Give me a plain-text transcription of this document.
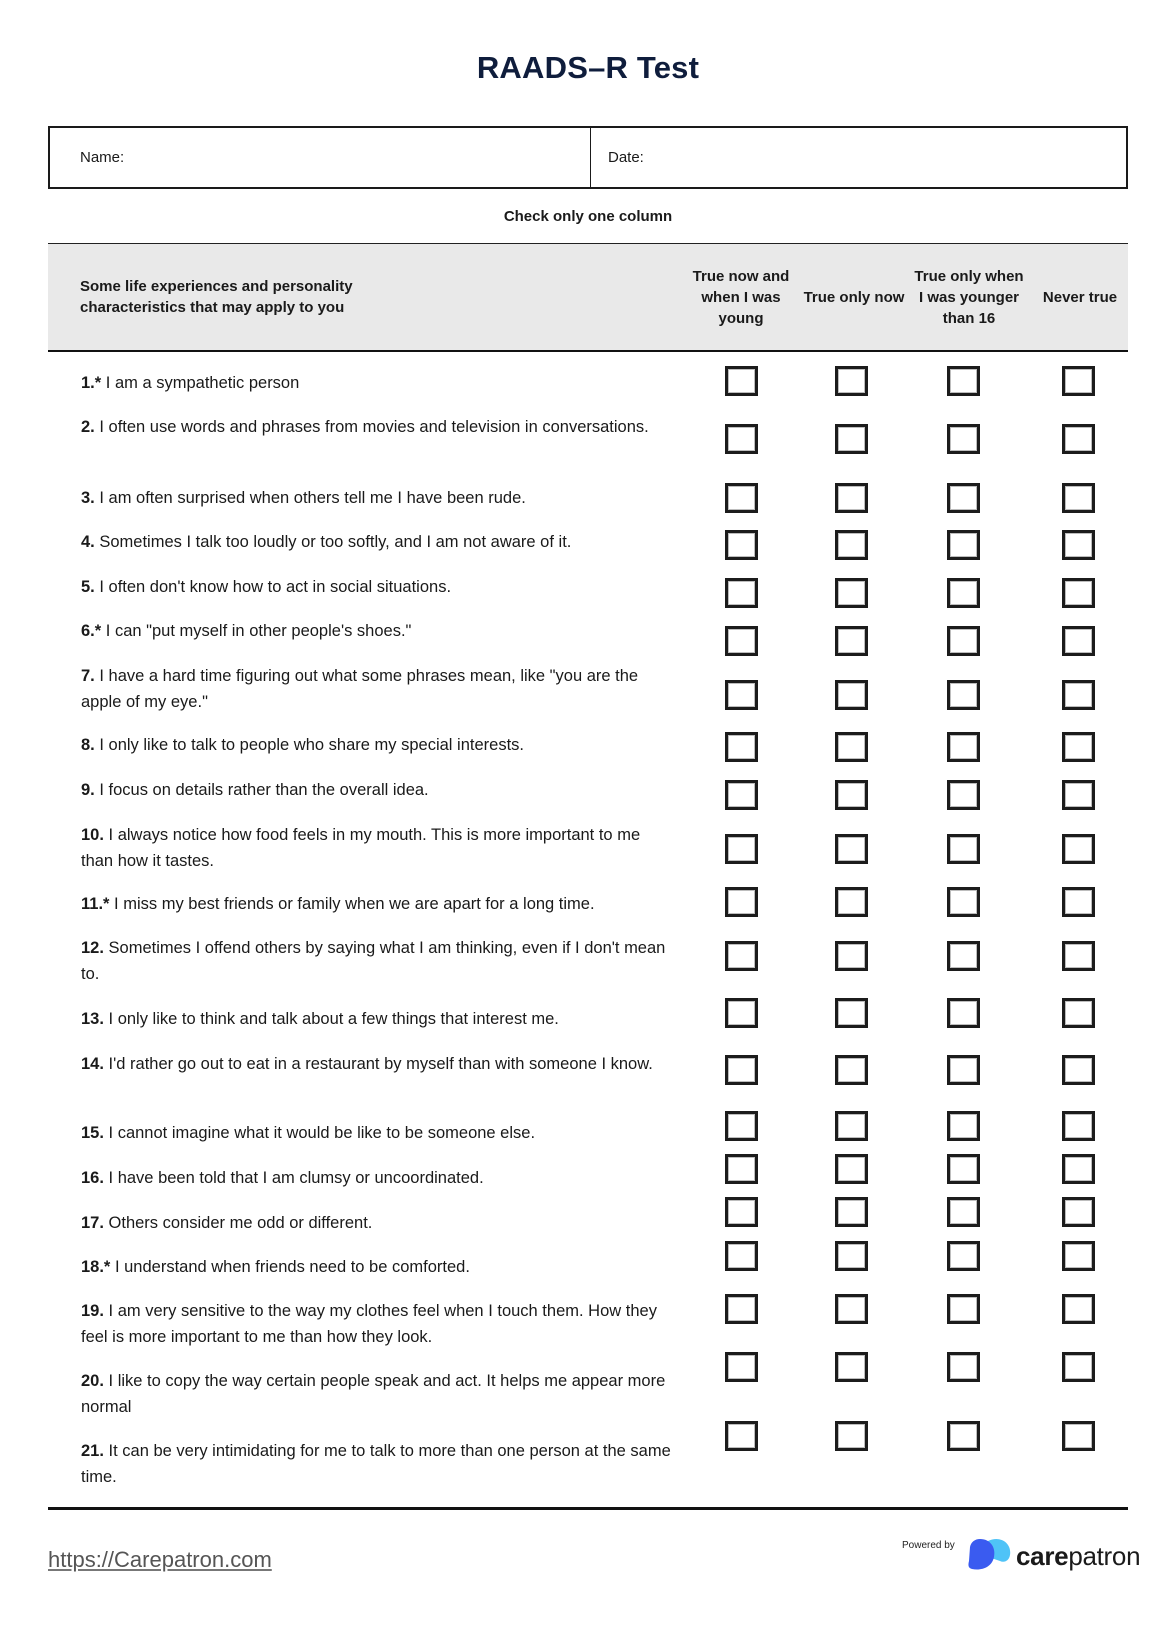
RAADS–R Test
Name:	Date:
Check only one column
Some life experiences and personality characteristics that may apply to you
True now and when I was young
True only now
True only when I was younger than 16
Never true
1.* I am a sympathetic person
2. I often use words and phrases from movies and television in conversations.
3. I am often surprised when others tell me I have been rude.
4. Sometimes I talk too loudly or too softly, and I am not aware of it.
5. I often don't know how to act in social situations.
6.* I can "put myself in other people's shoes."
7. I have a hard time figuring out what some phrases mean, like "you are the apple of my eye."
8. I only like to talk to people who share my special interests.
9. I focus on details rather than the overall idea.
10. I always notice how food feels in my mouth. This is more important to me than how it tastes.
11.* I miss my best friends or family when we are apart for a long time.
12. Sometimes I offend others by saying what I am thinking, even if I don't mean to.
13. I only like to think and talk about a few things that interest me.
14. I'd rather go out to eat in a restaurant by myself than with someone I know.
15. I cannot imagine what it would be like to be someone else.
16. I have been told that I am clumsy or uncoordinated.
17. Others consider me odd or different.
18.* I understand when friends need to be comforted.
19. I am very sensitive to the way my clothes feel when I touch them. How they feel is more important to me than how they look.
20. I like to copy the way certain people speak and act. It helps me appear more normal
21. It can be very intimidating for me to talk to more than one person at the same time.
https://Carepatron.com
Powered by carepatron
